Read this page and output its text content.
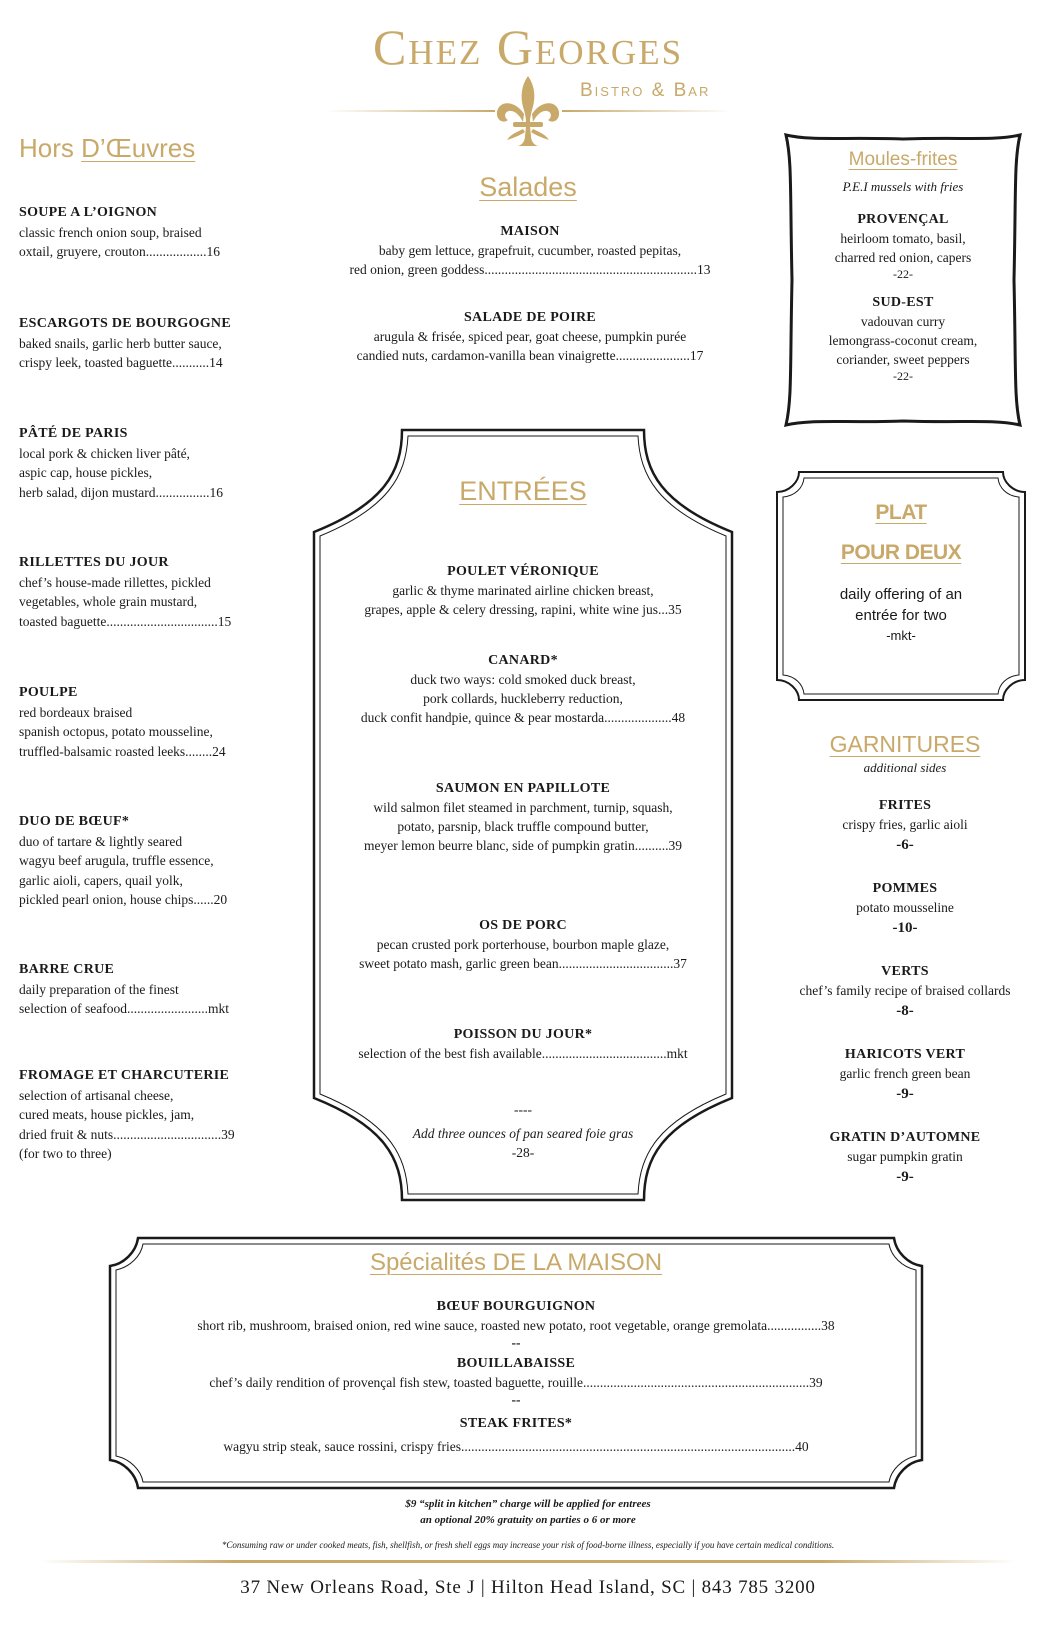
Chez Georges
Bistro & Bar
Hors D’Œuvres
SOUPE A L’OIGNON
classic french onion soup, braised
oxtail, gruyere, crouton..................16
ESCARGOTS DE BOURGOGNE
baked snails, garlic herb butter sauce,
crispy leek, toasted baguette...........14
PÂTÉ DE PARIS
local pork & chicken liver pâté,
aspic cap, house pickles,
herb salad, dijon mustard................16
RILLETTES DU JOUR
chef’s house-made rillettes, pickled
vegetables, whole grain mustard,
toasted baguette.................................15
POULPE
red bordeaux braised
spanish octopus, potato mousseline,
truffled-balsamic roasted leeks........24
DUO DE BŒUF*
duo of tartare & lightly seared
wagyu beef arugula, truffle essence,
garlic aioli, capers, quail yolk,
pickled pearl onion, house chips......20
BARRE CRUE
daily preparation of the finest
selection of seafood........................mkt
FROMAGE ET CHARCUTERIE
selection of artisanal cheese,
cured meats, house pickles, jam,
dried fruit & nuts................................39
(for two to three)
Salades
MAISON
baby gem lettuce, grapefruit, cucumber, roasted pepitas,
red onion, green goddess...............................................................13
SALADE DE POIRE
arugula & frisée, spiced pear, goat cheese, pumpkin purée
candied nuts, cardamon-vanilla bean vinaigrette......................17
ENTRÉES
POULET VÉRONIQUE
garlic & thyme marinated airline chicken breast,
grapes, apple & celery dressing, rapini, white wine jus...35
CANARD*
duck two ways: cold smoked duck breast,
pork collards, huckleberry reduction,
duck confit handpie, quince & pear mostarda....................48
SAUMON EN PAPILLOTE
wild salmon filet steamed in parchment, turnip, squash,
potato, parsnip, black truffle compound butter,
meyer lemon beurre blanc, side of pumpkin gratin..........39
OS DE PORC
pecan crusted pork porterhouse, bourbon maple glaze,
sweet potato mash, garlic green bean..................................37
POISSON DU JOUR*
selection of the best fish available.....................................mkt
----
Add three ounces of pan seared foie gras
-28-
Moules-frites
P.E.I mussels with fries
PROVENÇAL
heirloom tomato, basil,
charred red onion, capers
-22-
SUD-EST
vadouvan curry
lemongrass-coconut cream,
coriander, sweet peppers
-22-
PLAT
POUR DEUX
daily offering of an
entrée for two
-mkt-
GARNITURES
additional sides
FRITES
crispy fries, garlic aioli
-6-
POMMES
potato mousseline
-10-
VERTS
chef’s family recipe of braised collards
-8-
HARICOTS VERT
garlic french green bean
-9-
GRATIN D’AUTOMNE
sugar pumpkin gratin
-9-
Spécialités DE LA MAISON
BŒUF BOURGUIGNON
short rib, mushroom, braised onion, red wine sauce, roasted new potato, root vegetable, orange gremolata................38
--
BOUILLABAISSE
chef’s daily rendition of provençal fish stew, toasted baguette, rouille...................................................................39
--
STEAK FRITES*
wagyu strip steak, sauce rossini, crispy fries...................................................................................................40
$9 “split in kitchen” charge will be applied for entrees
an optional 20% gratuity on parties o 6 or more
*Consuming raw or under cooked meats, fish, shellfish, or fresh shell eggs may increase your risk of food-borne illness, especially if you have certain medical conditions.
37 New Orleans Road, Ste J | Hilton Head Island, SC | 843 785 3200
